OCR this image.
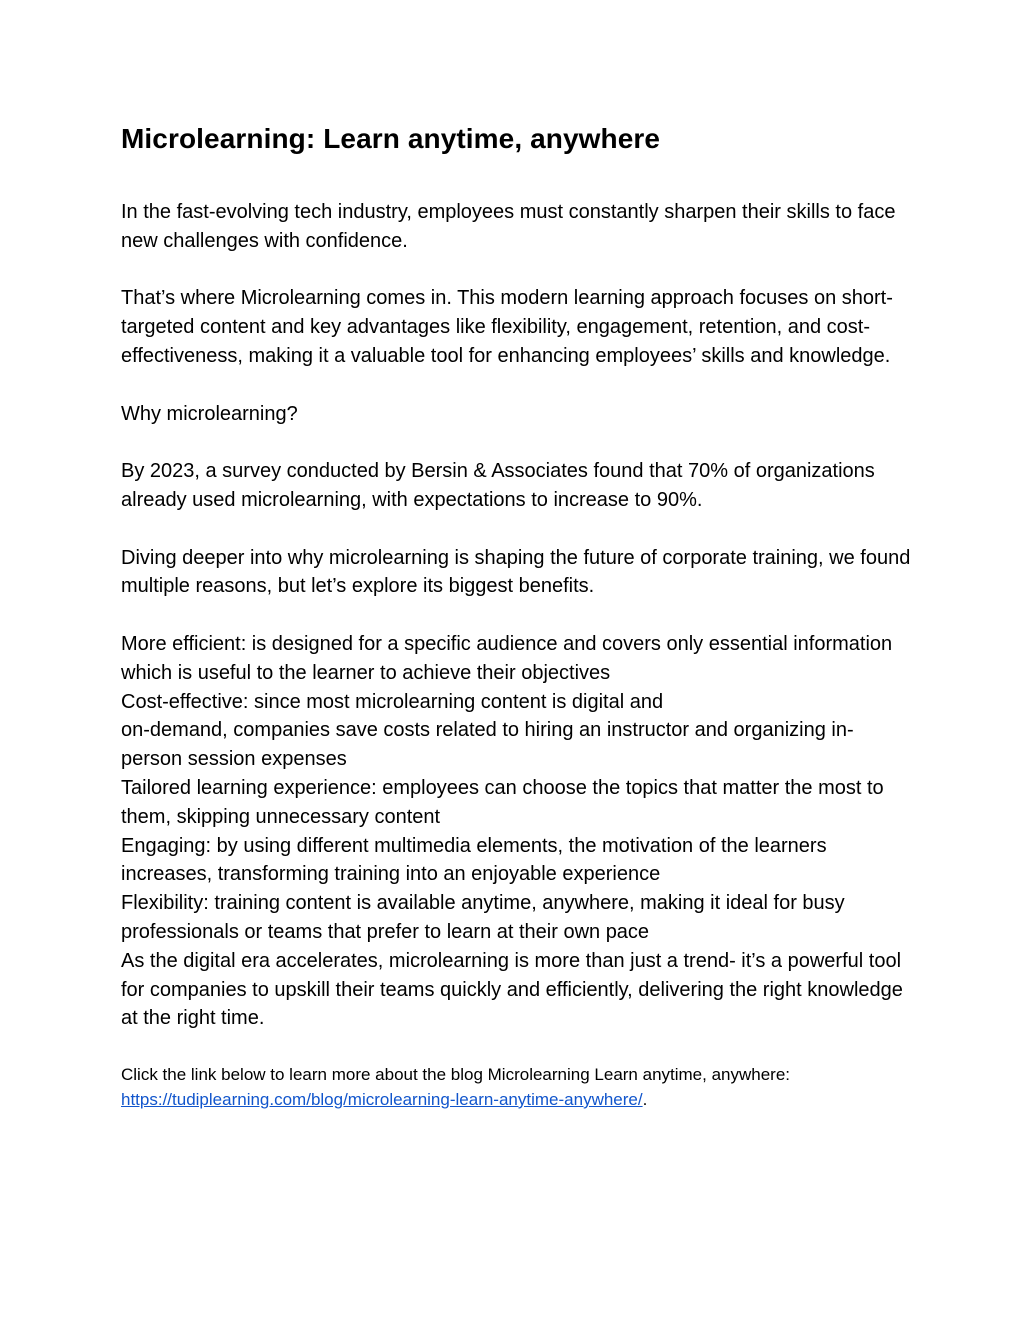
Microlearning: Learn anytime, anywhere

In the fast-evolving tech industry, employees must constantly sharpen their skills to face new challenges with confidence.

That’s where Microlearning comes in. This modern learning approach focuses on short-targeted content and key advantages like flexibility, engagement, retention, and cost-effectiveness, making it a valuable tool for enhancing employees’ skills and knowledge.

Why microlearning?

By 2023, a survey conducted by Bersin & Associates found that 70% of organizations already used microlearning, with expectations to increase to 90%.

Diving deeper into why microlearning is shaping the future of corporate training, we found multiple reasons, but let’s explore its biggest benefits.

More efficient: is designed for a specific audience and covers only essential information which is useful to the learner to achieve their objectives

Cost-effective: since most microlearning content is digital and

on-demand, companies save costs related to hiring an instructor and organizing in-person session expenses

Tailored learning experience: employees can choose the topics that matter the most to them, skipping unnecessary content

Engaging: by using different multimedia elements, the motivation of the learners increases, transforming training into an enjoyable experience

Flexibility: training content is available anytime, anywhere, making it ideal for busy professionals or teams that prefer to learn at their own pace

As the digital era accelerates, microlearning is more than just a trend- it’s a powerful tool for companies to upskill their teams quickly and efficiently, delivering the right knowledge at the right time.

Click the link below to learn more about the blog Microlearning Learn anytime, anywhere:
https://tudiplearning.com/blog/microlearning-learn-anytime-anywhere/.
